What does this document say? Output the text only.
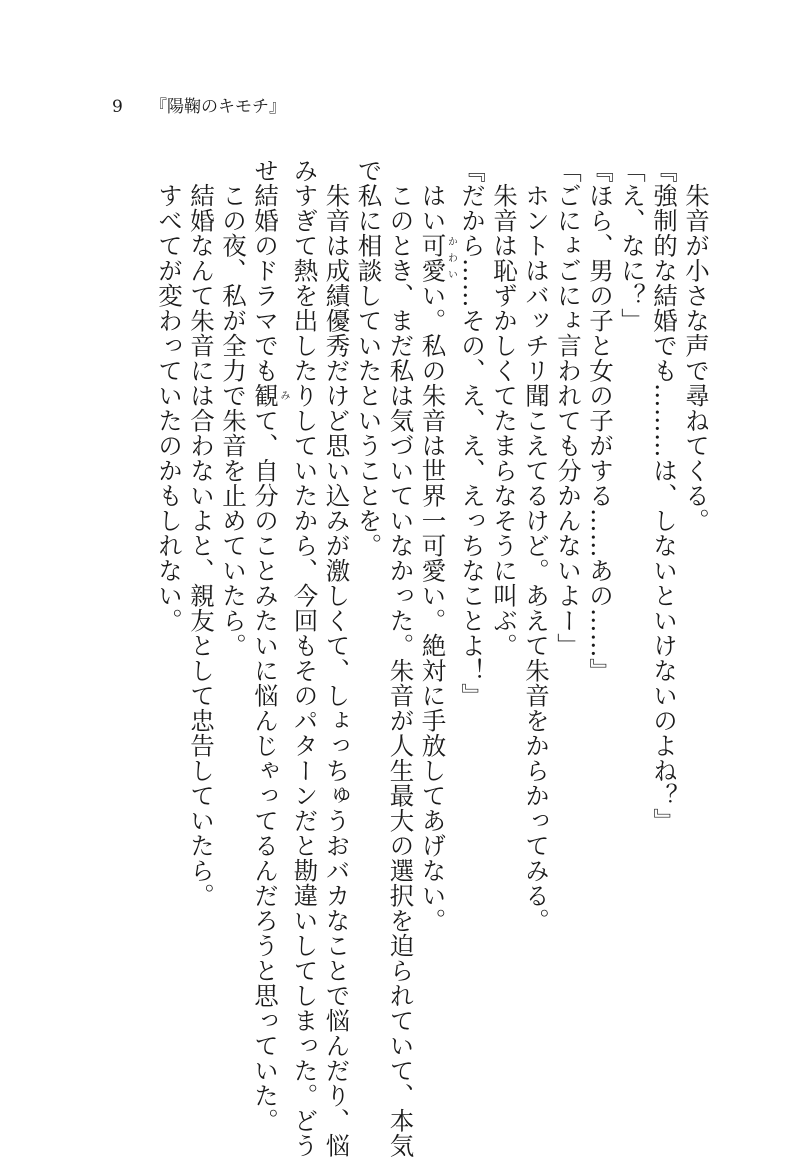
9 『陽鞠のキモチ』
朱音が小さな声で尋ねてくる。
『強制的な結婚でも………は、しないといけないのよね？』
「え、なに？」
『ほら、男の子と女の子がする……あの……』
「ごにょごにょ言われても分かんないよー」
ホントはバッチリ聞こえてるけど。あえて朱音をからかってみる。
朱音は恥ずかしくてたまらなそうに叫ぶ。
『だから……その、え、え、えっちなことよ！』
はい可愛かわいい。私の朱音は世界一可愛い。絶対に手放してあげない。
このとき、まだ私は気づいていなかった。朱音が人生最大の選択を迫られていて、本気
で私に相談していたということを。
朱音は成績優秀だけど思い込みが激しくて、しょっちゅうおバカなことで悩んだり、悩
みすぎて熱を出したりしていたから、今回もそのパターンだと勘違いしてしまった。どう
せ結婚のドラマでも観みて、自分のことみたいに悩んじゃってるんだろうと思っていた。
この夜、私が全力で朱音を止めていたら。
結婚なんて朱音には合わないよと、親友として忠告していたら。
すべてが変わっていたのかもしれない。
